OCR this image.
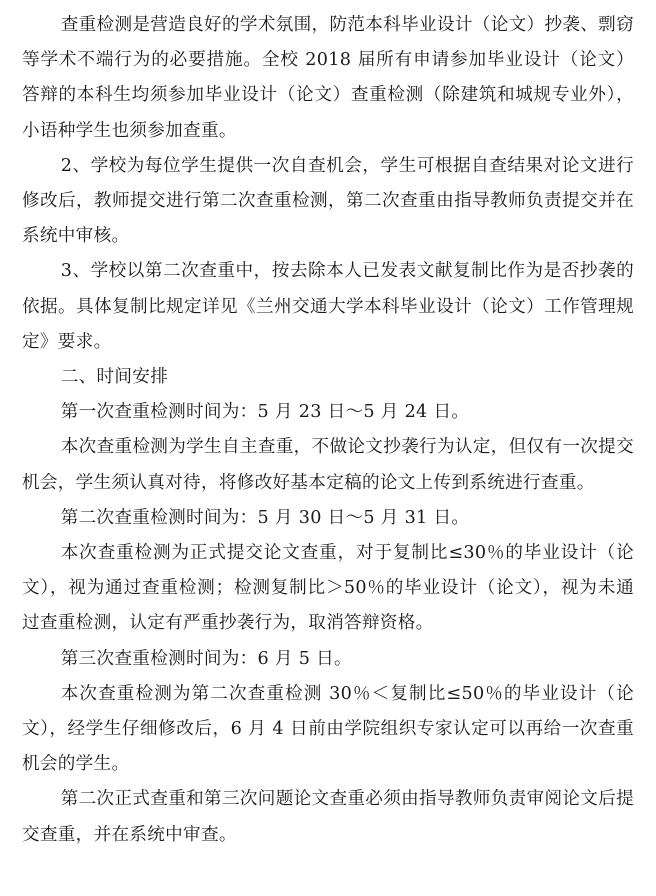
查重检测是营造良好的学术氛围，防范本科毕业设计（论文）抄袭、剽窃等学术不端行为的必要措施。全校 2018 届所有申请参加毕业设计（论文）答辩的本科生均须参加毕业设计（论文）查重检测（除建筑和城规专业外），小语种学生也须参加查重。

2、学校为每位学生提供一次自查机会，学生可根据自查结果对论文进行修改后，教师提交进行第二次查重检测，第二次查重由指导教师负责提交并在系统中审核。

3、学校以第二次查重中，按去除本人已发表文献复制比作为是否抄袭的依据。具体复制比规定详见《兰州交通大学本科毕业设计（论文）工作管理规定》要求。

二、时间安排

第一次查重检测时间为：5 月 23 日～5 月 24 日。

本次查重检测为学生自主查重，不做论文抄袭行为认定，但仅有一次提交机会，学生须认真对待，将修改好基本定稿的论文上传到系统进行查重。

第二次查重检测时间为：5 月 30 日～5 月 31 日。

本次查重检测为正式提交论文查重，对于复制比≤30％的毕业设计（论文），视为通过查重检测；检测复制比＞50％的毕业设计（论文），视为未通过查重检测，认定有严重抄袭行为，取消答辩资格。

第三次查重检测时间为：6 月 5 日。

本次查重检测为第二次查重检测 30％＜复制比≤50％的毕业设计（论文），经学生仔细修改后，6 月 4 日前由学院组织专家认定可以再给一次查重机会的学生。

第二次正式查重和第三次问题论文查重必须由指导教师负责审阅论文后提交查重，并在系统中审查。
